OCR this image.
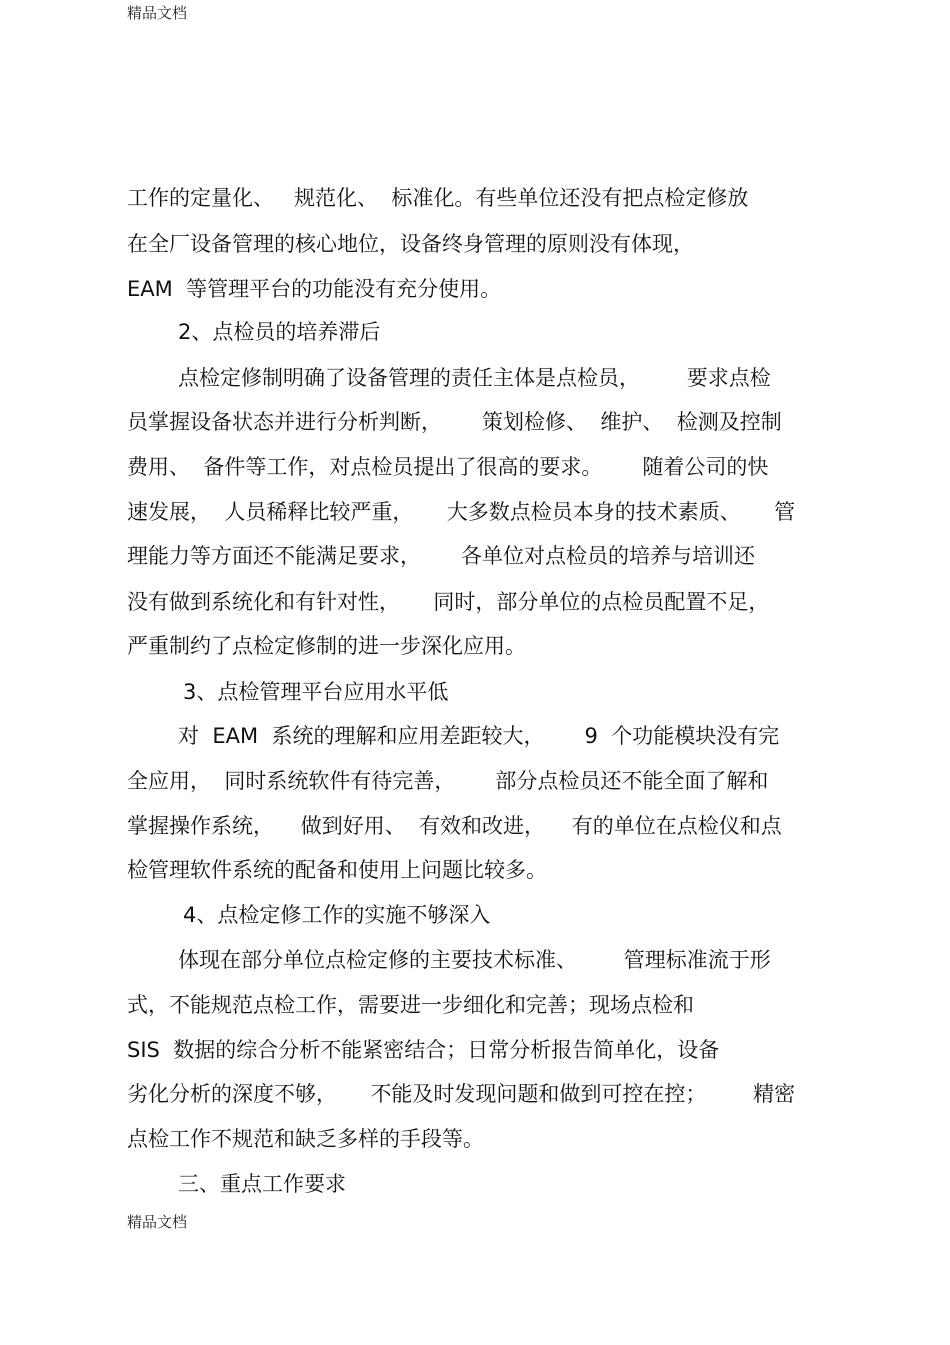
精品文档
工作的定量化、   规范化、  标准化。有些单位还没有把点检定修放
在全厂设备管理的核心地位，设备终身管理的原则没有体现，
EAM  等管理平台的功能没有充分使用。
2、点检员的培养滞后
点检定修制明确了设备管理的责任主体是点检员，       要求点检
员掌握设备状态并进行分析判断，      策划检修、  维护、  检测及控制
费用、  备件等工作，对点检员提出了很高的要求。      随着公司的快
速发展，  人员稀释比较严重，     大多数点检员本身的技术素质、     管
理能力等方面还不能满足要求，      各单位对点检员的培养与培训还
没有做到系统化和有针对性，     同时，部分单位的点检员配置不足，
严重制约了点检定修制的进一步深化应用。
3、点检管理平台应用水平低
对  EAM  系统的理解和应用差距较大，      9  个功能模块没有完
全应用，  同时系统软件有待完善，      部分点检员还不能全面了解和
掌握操作系统，    做到好用、  有效和改进，    有的单位在点检仪和点
检管理软件系统的配备和使用上问题比较多。
4、点检定修工作的实施不够深入
体现在部分单位点检定修的主要技术标准、       管理标准流于形
式，不能规范点检工作，需要进一步细化和完善；现场点检和
SIS  数据的综合分析不能紧密结合；日常分析报告简单化，设备
劣化分析的深度不够，     不能及时发现问题和做到可控在控；       精密
点检工作不规范和缺乏多样的手段等。
三、重点工作要求
精品文档
